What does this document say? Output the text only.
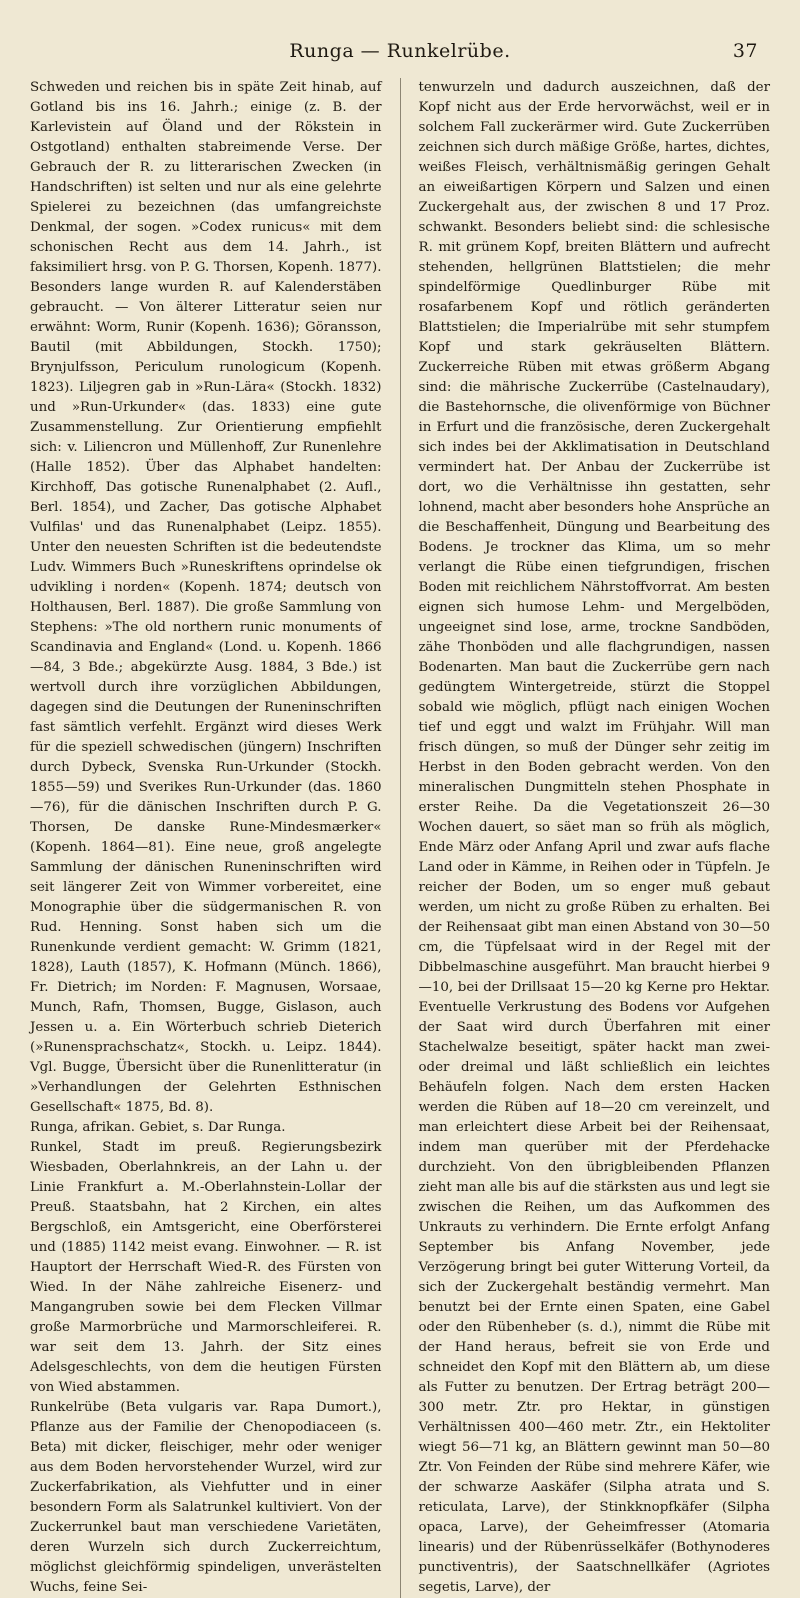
Runga — Runkelrübe.	37

Schweden und reichen bis in späte Zeit hinab, auf Gotland bis ins 16. Jahrh.; einige (z. B. der Karlevistein auf Öland und der Rökstein in Ostgotland) enthalten stabreimende Verse. Der Gebrauch der R. zu litterarischen Zwecken (in Handschriften) ist selten und nur als eine gelehrte Spielerei zu bezeichnen (das umfangreichste Denkmal, der sogen. »Codex runicus« mit dem schonischen Recht aus dem 14. Jahrh., ist faksimiliert hrsg. von P. G. Thorsen, Kopenh. 1877). Besonders lange wurden R. auf Kalenderstäben gebraucht. — Von älterer Litteratur seien nur erwähnt: Worm, Runir (Kopenh. 1636); Göransson, Bautil (mit Abbildungen, Stockh. 1750); Brynjulfsson, Periculum runologicum (Kopenh. 1823). Liljegren gab in »Run-Lära« (Stockh. 1832) und »Run-Urkunder« (das. 1833) eine gute Zusammenstellung. Zur Orientierung empfiehlt sich: v. Liliencron und Müllenhoff, Zur Runenlehre (Halle 1852). Über das Alphabet handelten: Kirchhoff, Das gotische Runenalphabet (2. Aufl., Berl. 1854), und Zacher, Das gotische Alphabet Vulfilas' und das Runenalphabet (Leipz. 1855). Unter den neuesten Schriften ist die bedeutendste Ludv. Wimmers Buch »Runeskriftens oprindelse ok udvikling i norden« (Kopenh. 1874; deutsch von Holthausen, Berl. 1887). Die große Sammlung von Stephens: »The old northern runic monuments of Scandinavia and England« (Lond. u. Kopenh. 1866—84, 3 Bde.; abgekürzte Ausg. 1884, 3 Bde.) ist wertvoll durch ihre vorzüglichen Abbildungen, dagegen sind die Deutungen der Runeninschriften fast sämtlich verfehlt. Ergänzt wird dieses Werk für die speziell schwedischen (jüngern) Inschriften durch Dybeck, Svenska Run-Urkunder (Stockh. 1855—59) und Sverikes Run-Urkunder (das. 1860—76), für die dänischen Inschriften durch P. G. Thorsen, De danske Rune-Mindesmærker« (Kopenh. 1864—81). Eine neue, groß angelegte Sammlung der dänischen Runeninschriften wird seit längerer Zeit von Wimmer vorbereitet, eine Monographie über die südgermanischen R. von Rud. Henning. Sonst haben sich um die Runenkunde verdient gemacht: W. Grimm (1821, 1828), Lauth (1857), K. Hofmann (Münch. 1866), Fr. Dietrich; im Norden: F. Magnusen, Worsaae, Munch, Rafn, Thomsen, Bugge, Gislason, auch Jessen u. a. Ein Wörterbuch schrieb Dieterich (»Runensprachschatz«, Stockh. u. Leipz. 1844). Vgl. Bugge, Übersicht über die Runenlitteratur (in »Verhandlungen der Gelehrten Esthnischen Gesellschaft« 1875, Bd. 8).

Runga, afrikan. Gebiet, s. Dar Runga.

Runkel, Stadt im preuß. Regierungsbezirk Wiesbaden, Oberlahnkreis, an der Lahn u. der Linie Frankfurt a. M.-Oberlahnstein-Lollar der Preuß. Staatsbahn, hat 2 Kirchen, ein altes Bergschloß, ein Amtsgericht, eine Oberförsterei und (1885) 1142 meist evang. Einwohner. — R. ist Hauptort der Herrschaft Wied-R. des Fürsten von Wied. In der Nähe zahlreiche Eisenerz- und Mangangruben sowie bei dem Flecken Villmar große Marmorbrüche und Marmorschleiferei. R. war seit dem 13. Jahrh. der Sitz eines Adelsgeschlechts, von dem die heutigen Fürsten von Wied abstammen.

Runkelrübe (Beta vulgaris var. Rapa Dumort.), Pflanze aus der Familie der Chenopodiaceen (s. Beta) mit dicker, fleischiger, mehr oder weniger aus dem Boden hervorstehender Wurzel, wird zur Zuckerfabrikation, als Viehfutter und in einer besondern Form als Salatrunkel kultiviert. Von der Zuckerrunkel baut man verschiedene Varietäten, deren Wurzeln sich durch Zuckerreichtum, möglichst gleichförmig spindeligen, unverästelten Wuchs, feine Sei-

tenwurzeln und dadurch auszeichnen, daß der Kopf nicht aus der Erde hervorwächst, weil er in solchem Fall zuckerärmer wird. Gute Zuckerrüben zeichnen sich durch mäßige Größe, hartes, dichtes, weißes Fleisch, verhältnismäßig geringen Gehalt an eiweißartigen Körpern und Salzen und einen Zuckergehalt aus, der zwischen 8 und 17 Proz. schwankt. Besonders beliebt sind: die schlesische R. mit grünem Kopf, breiten Blättern und aufrecht stehenden, hellgrünen Blattstielen; die mehr spindelförmige Quedlinburger Rübe mit rosafarbenem Kopf und rötlich geränderten Blattstielen; die Imperialrübe mit sehr stumpfem Kopf und stark gekräuselten Blättern. Zuckerreiche Rüben mit etwas größerm Abgang sind: die mährische Zuckerrübe (Castelnaudary), die Bastehornsche, die olivenförmige von Büchner in Erfurt und die französische, deren Zuckergehalt sich indes bei der Akklimatisation in Deutschland vermindert hat. Der Anbau der Zuckerrübe ist dort, wo die Verhältnisse ihn gestatten, sehr lohnend, macht aber besonders hohe Ansprüche an die Beschaffenheit, Düngung und Bearbeitung des Bodens. Je trockner das Klima, um so mehr verlangt die Rübe einen tiefgrundigen, frischen Boden mit reichlichem Nährstoffvorrat. Am besten eignen sich humose Lehm- und Mergelböden, ungeeignet sind lose, arme, trockne Sandböden, zähe Thonböden und alle flachgrundigen, nassen Bodenarten. Man baut die Zuckerrübe gern nach gedüngtem Wintergetreide, stürzt die Stoppel sobald wie möglich, pflügt nach einigen Wochen tief und eggt und walzt im Frühjahr. Will man frisch düngen, so muß der Dünger sehr zeitig im Herbst in den Boden gebracht werden. Von den mineralischen Dungmitteln stehen Phosphate in erster Reihe. Da die Vegetationszeit 26—30 Wochen dauert, so säet man so früh als möglich, Ende März oder Anfang April und zwar aufs flache Land oder in Kämme, in Reihen oder in Tüpfeln. Je reicher der Boden, um so enger muß gebaut werden, um nicht zu große Rüben zu erhalten. Bei der Reihensaat gibt man einen Abstand von 30—50 cm, die Tüpfelsaat wird in der Regel mit der Dibbelmaschine ausgeführt. Man braucht hierbei 9—10, bei der Drillsaat 15—20 kg Kerne pro Hektar. Eventuelle Verkrustung des Bodens vor Aufgehen der Saat wird durch Überfahren mit einer Stachelwalze beseitigt, später hackt man zwei- oder dreimal und läßt schließlich ein leichtes Behäufeln folgen. Nach dem ersten Hacken werden die Rüben auf 18—20 cm vereinzelt, und man erleichtert diese Arbeit bei der Reihensaat, indem man querüber mit der Pferdehacke durchzieht. Von den übrigbleibenden Pflanzen zieht man alle bis auf die stärksten aus und legt sie zwischen die Reihen, um das Aufkommen des Unkrauts zu verhindern. Die Ernte erfolgt Anfang September bis Anfang November, jede Verzögerung bringt bei guter Witterung Vorteil, da sich der Zuckergehalt beständig vermehrt. Man benutzt bei der Ernte einen Spaten, eine Gabel oder den Rübenheber (s. d.), nimmt die Rübe mit der Hand heraus, befreit sie von Erde und schneidet den Kopf mit den Blättern ab, um diese als Futter zu benutzen. Der Ertrag beträgt 200—300 metr. Ztr. pro Hektar, in günstigen Verhältnissen 400—460 metr. Ztr., ein Hektoliter wiegt 56—71 kg, an Blättern gewinnt man 50—80 Ztr. Von Feinden der Rübe sind mehrere Käfer, wie der schwarze Aaskäfer (Silpha atrata und S. reticulata, Larve), der Stinkknopfkäfer (Silpha opaca, Larve), der Geheimfresser (Atomaria linearis) und der Rübenrüsselkäfer (Bothynoderes punctiventris), der Saatschnellkäfer (Agriotes segetis, Larve), der
